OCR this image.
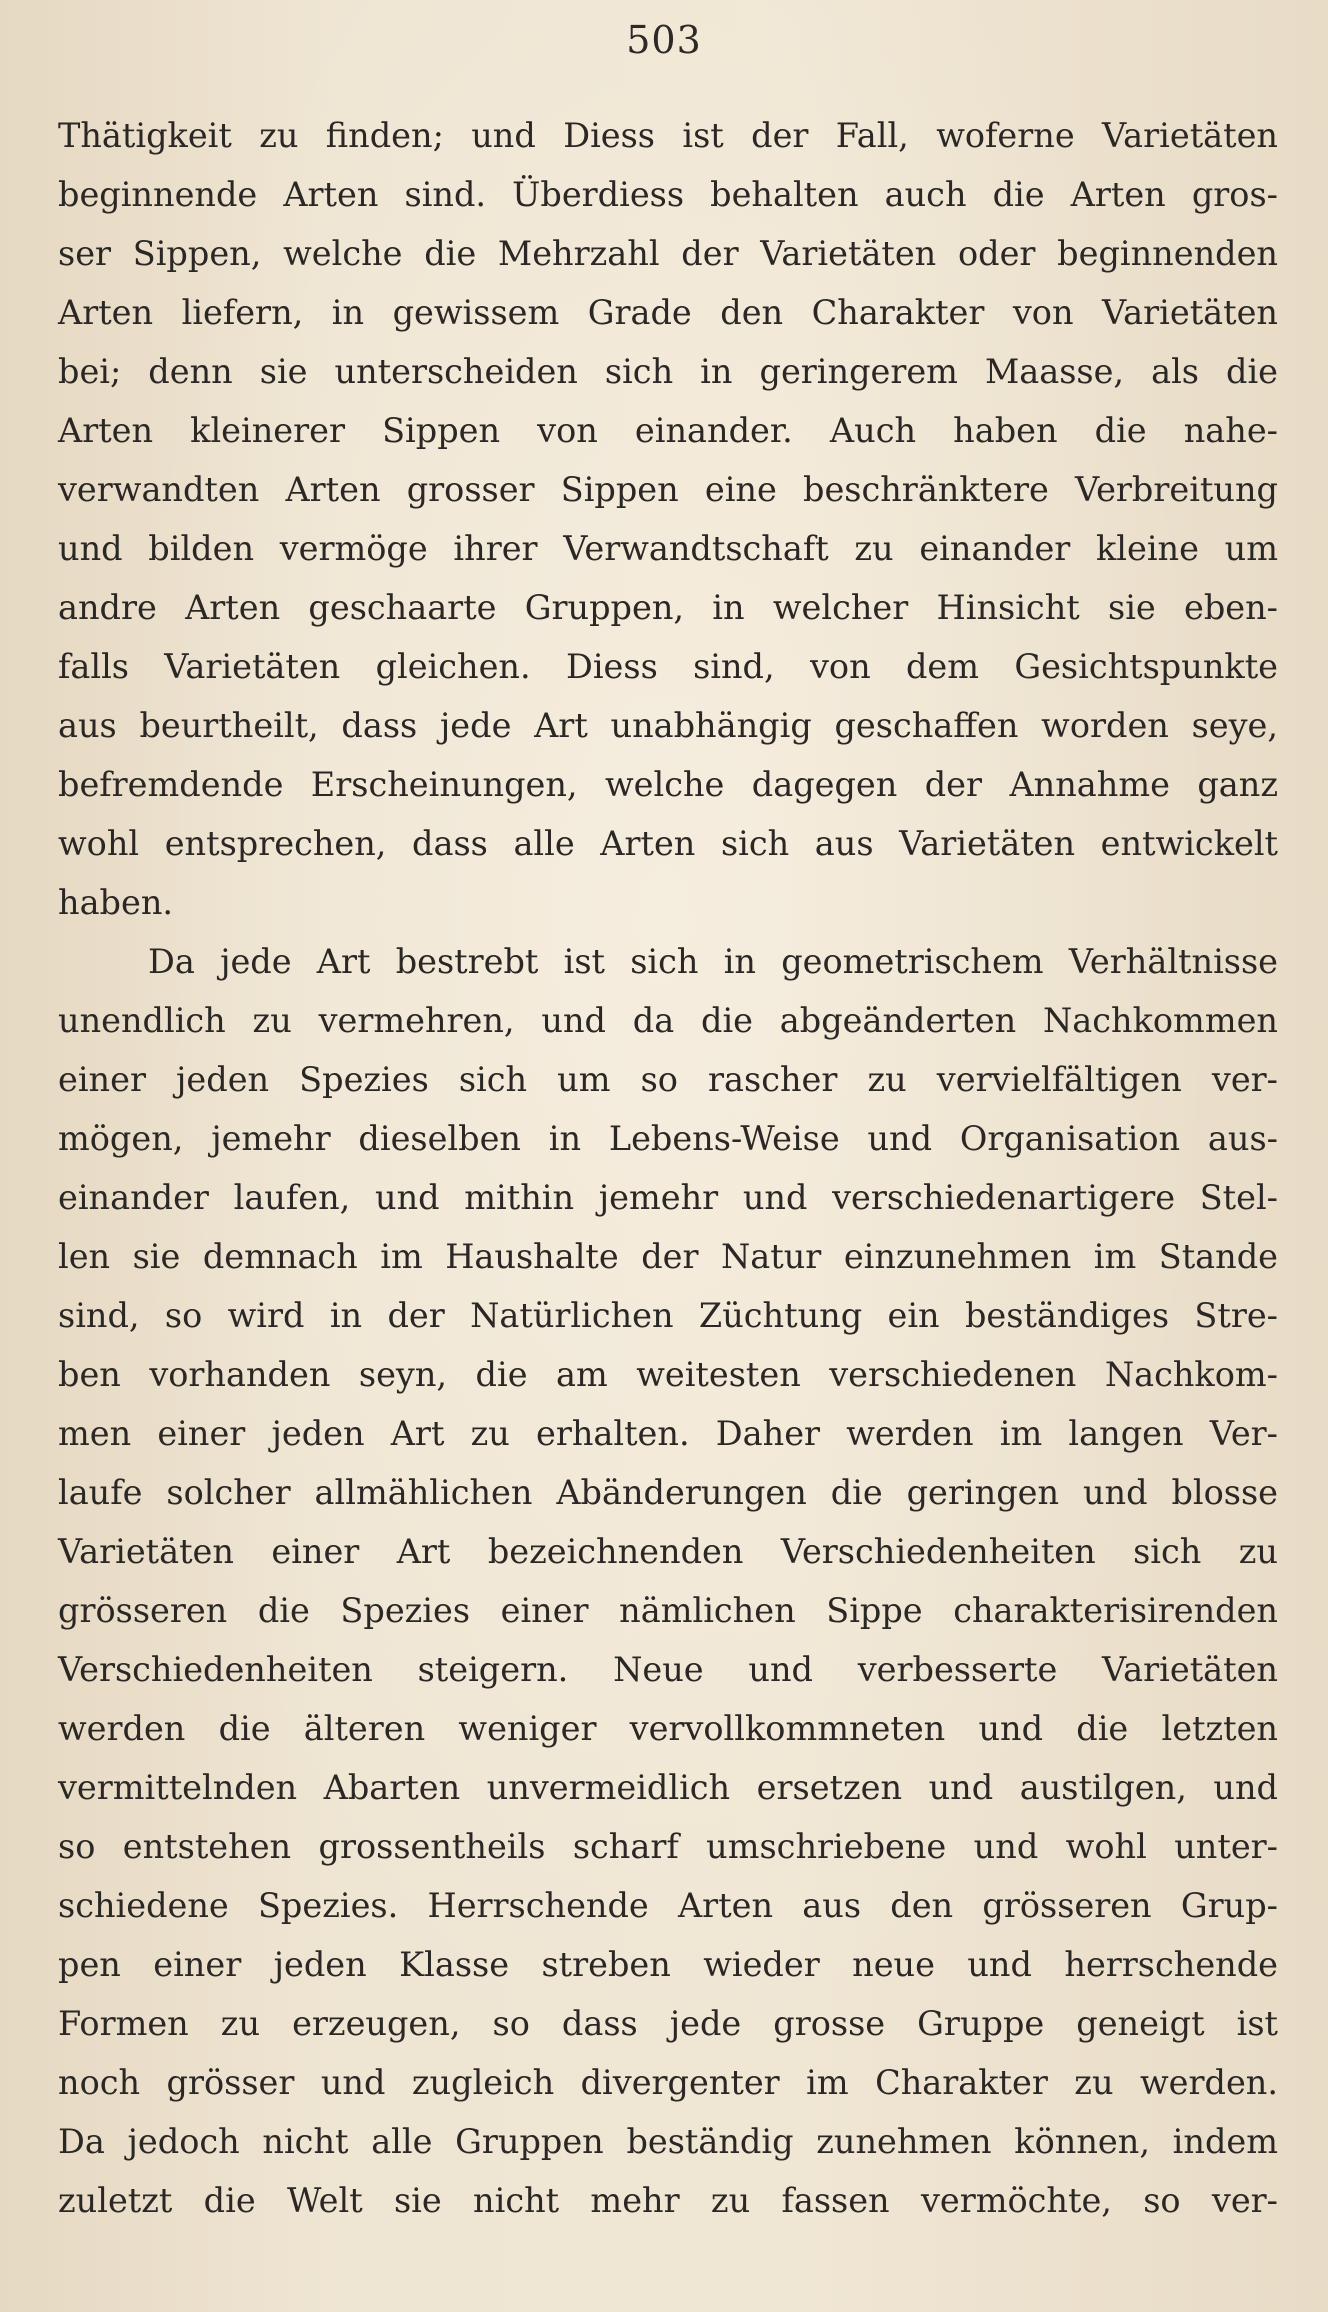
503
Thätigkeit zu finden; und Diess ist der Fall, woferne Varietäten
beginnende Arten sind. Überdiess behalten auch die Arten gros-
ser Sippen, welche die Mehrzahl der Varietäten oder beginnenden
Arten liefern, in gewissem Grade den Charakter von Varietäten
bei; denn sie unterscheiden sich in geringerem Maasse, als die
Arten kleinerer Sippen von einander. Auch haben die nahe-
verwandten Arten grosser Sippen eine beschränktere Verbreitung
und bilden vermöge ihrer Verwandtschaft zu einander kleine um
andre Arten geschaarte Gruppen, in welcher Hinsicht sie eben-
falls Varietäten gleichen. Diess sind, von dem Gesichtspunkte
aus beurtheilt, dass jede Art unabhängig geschaffen worden seye,
befremdende Erscheinungen, welche dagegen der Annahme ganz
wohl entsprechen, dass alle Arten sich aus Varietäten entwickelt
haben.
Da jede Art bestrebt ist sich in geometrischem Verhältnisse
unendlich zu vermehren, und da die abgeänderten Nachkommen
einer jeden Spezies sich um so rascher zu vervielfältigen ver-
mögen, jemehr dieselben in Lebens-Weise und Organisation aus-
einander laufen, und mithin jemehr und verschiedenartigere Stel-
len sie demnach im Haushalte der Natur einzunehmen im Stande
sind, so wird in der Natürlichen Züchtung ein beständiges Stre-
ben vorhanden seyn, die am weitesten verschiedenen Nachkom-
men einer jeden Art zu erhalten. Daher werden im langen Ver-
laufe solcher allmählichen Abänderungen die geringen und blosse
Varietäten einer Art bezeichnenden Verschiedenheiten sich zu
grösseren die Spezies einer nämlichen Sippe charakterisirenden
Verschiedenheiten steigern. Neue und verbesserte Varietäten
werden die älteren weniger vervollkommneten und die letzten
vermittelnden Abarten unvermeidlich ersetzen und austilgen, und
so entstehen grossentheils scharf umschriebene und wohl unter-
schiedene Spezies. Herrschende Arten aus den grösseren Grup-
pen einer jeden Klasse streben wieder neue und herrschende
Formen zu erzeugen, so dass jede grosse Gruppe geneigt ist
noch grösser und zugleich divergenter im Charakter zu werden.
Da jedoch nicht alle Gruppen beständig zunehmen können, indem
zuletzt die Welt sie nicht mehr zu fassen vermöchte, so ver-
